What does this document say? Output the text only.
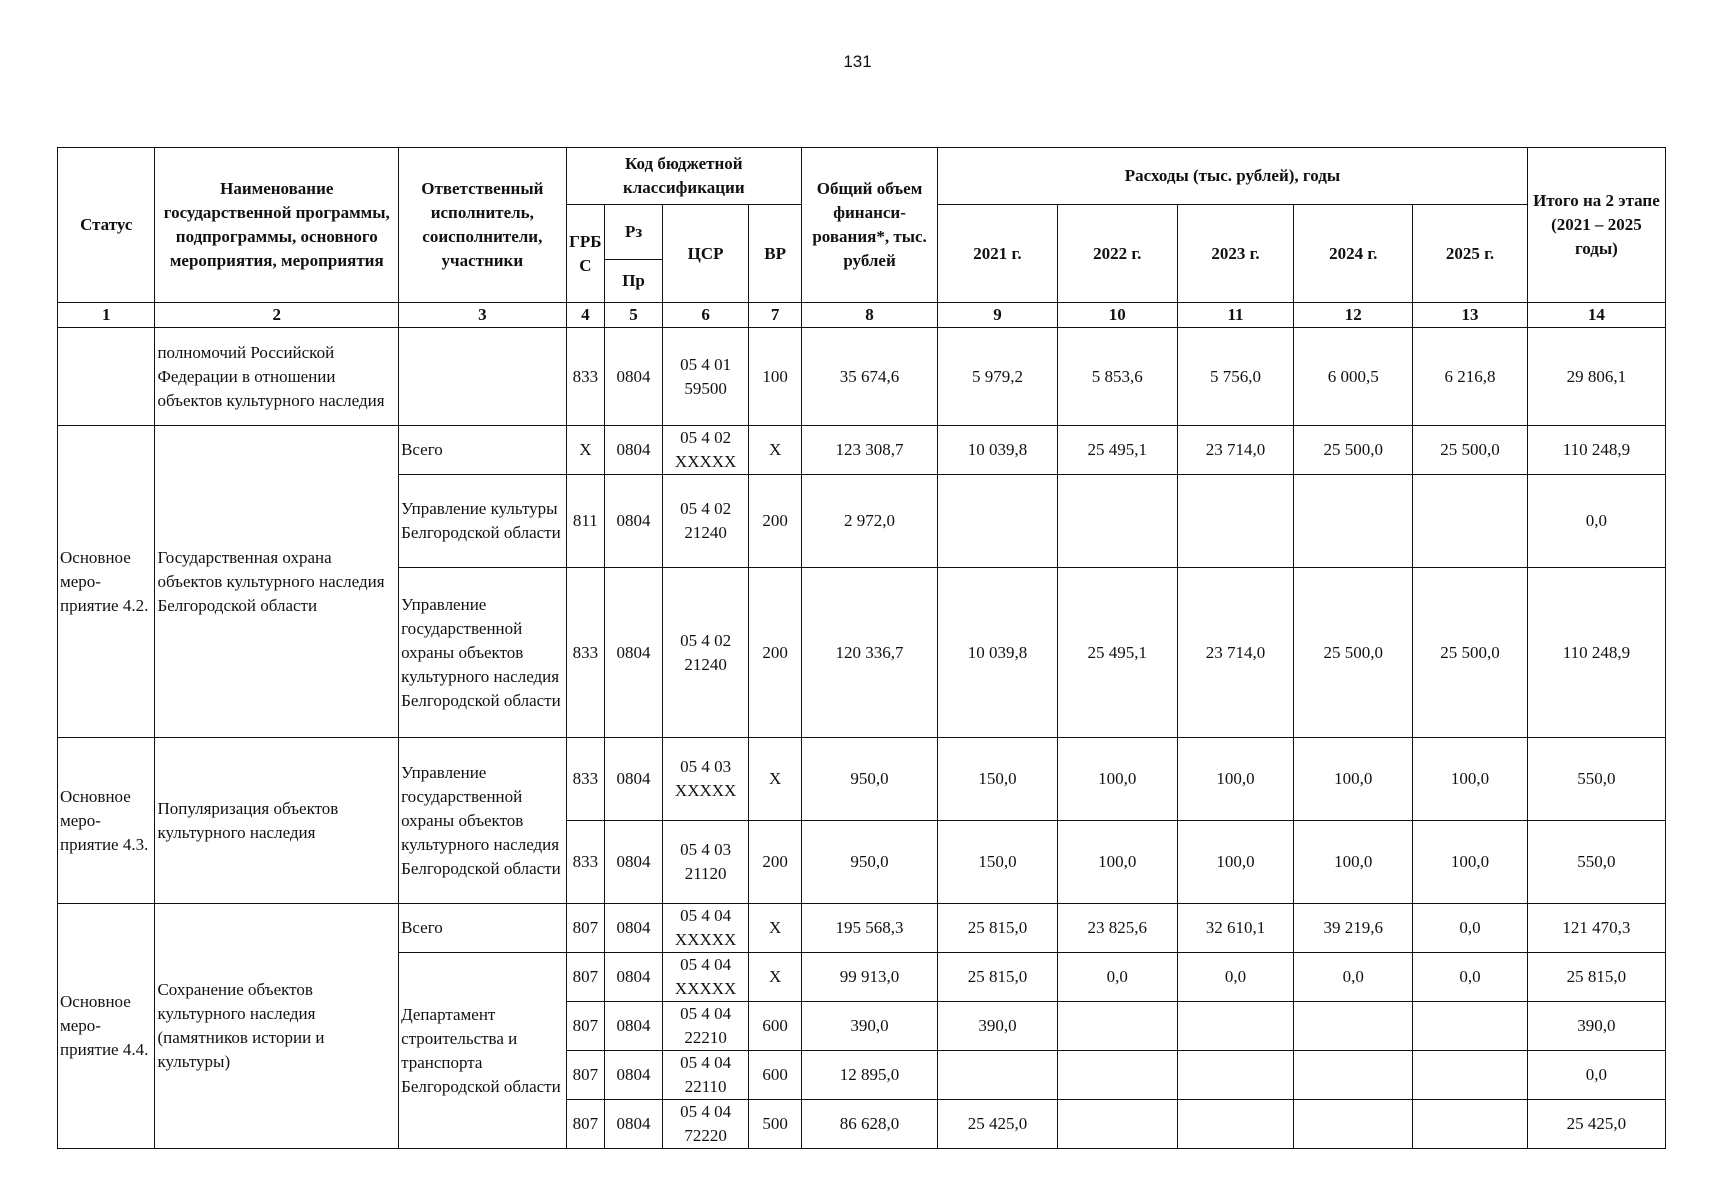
131
Статус	Наименование государственной программы, подпрограммы, основного мероприятия, мероприятия	Ответственный исполнитель, соисполнители, участники	Код бюджетной классификации				Общий объем финанси-рования*, тыс. рублей	Расходы (тыс. рублей), годы					Итого на 2 этапе (2021 – 2025 годы)
			ГРБ С	Рз	ЦСР	ВР		2021 г.	2022 г.	2023 г.	2024 г.	2025 г.	
				Пр									
1	2	3	4	5	6	7	8	9	10	11	12	13	14
	полномочий Российской Федерации в отношении объектов культурного наследия		833	0804	05 4 01 59500	100	35 674,6	5 979,2	5 853,6	5 756,0	6 000,5	6 216,8	29 806,1
Основное меро-приятие 4.2.	Государственная охрана объектов культурного наследия Белгородской области	Всего	X	0804	05 4 02 XXXXX	X	123 308,7	10 039,8	25 495,1	23 714,0	25 500,0	25 500,0	110 248,9
		Управление культуры Белгородской области	811	0804	05 4 02 21240	200	2 972,0						0,0
		Управление государственной охраны объектов культурного наследия Белгородской области	833	0804	05 4 02 21240	200	120 336,7	10 039,8	25 495,1	23 714,0	25 500,0	25 500,0	110 248,9
Основное меро-приятие 4.3.	Популяризация объектов культурного наследия	Управление государственной охраны объектов культурного наследия Белгородской области	833	0804	05 4 03 XXXXX	X	950,0	150,0	100,0	100,0	100,0	100,0	550,0
			833	0804	05 4 03 21120	200	950,0	150,0	100,0	100,0	100,0	100,0	550,0
Основное меро-приятие 4.4.	Сохранение объектов культурного наследия (памятников истории и культуры)	Всего	807	0804	05 4 04 XXXXX	X	195 568,3	25 815,0	23 825,6	32 610,1	39 219,6	0,0	121 470,3
		Департамент строительства и транспорта Белгородской области	807	0804	05 4 04 XXXXX	X	99 913,0	25 815,0	0,0	0,0	0,0	0,0	25 815,0
			807	0804	05 4 04 22210	600	390,0	390,0					390,0
			807	0804	05 4 04 22110	600	12 895,0						0,0
			807	0804	05 4 04 72220	500	86 628,0	25 425,0					25 425,0
